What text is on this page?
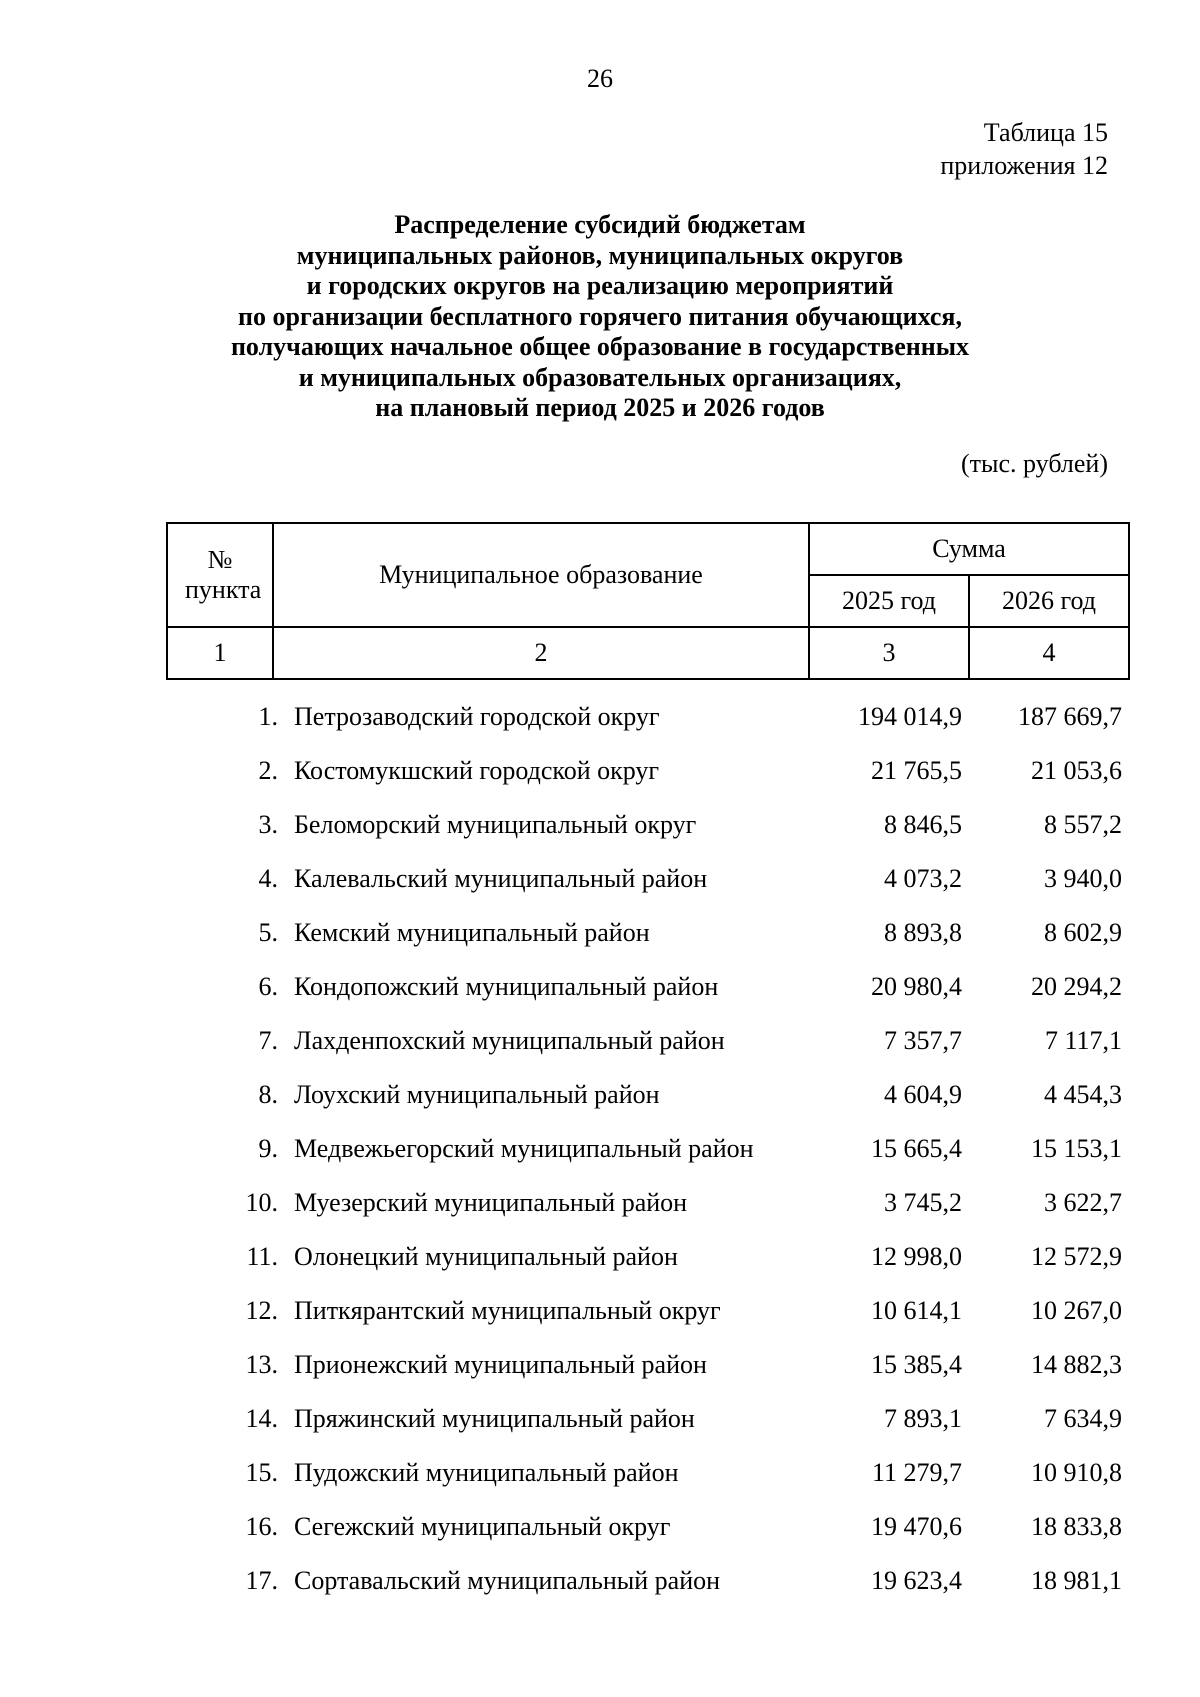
26
Таблица 15
приложения 12
Распределение субсидий бюджетам
муниципальных районов, муниципальных округов
и городских округов на реализацию мероприятий
по организации бесплатного горячего питания обучающихся,
получающих начальное общее образование в государственных
и муниципальных образовательных организациях,
на плановый период 2025 и 2026 годов
(тыс. рублей)
№ пункта	Муниципальное образование	Сумма	
		2025 год	2026 год
1	2	3	4
1. Петрозаводский городской округ	194 014,9	187 669,7
2. Костомукшский городской округ	21 765,5	21 053,6
3. Беломорский муниципальный округ	8 846,5	8 557,2
4. Калевальский муниципальный район	4 073,2	3 940,0
5. Кемский муниципальный район	8 893,8	8 602,9
6. Кондопожский муниципальный район	20 980,4	20 294,2
7. Лахденпохский муниципальный район	7 357,7	7 117,1
8. Лоухский муниципальный район	4 604,9	4 454,3
9. Медвежьегорский муниципальный район	15 665,4	15 153,1
10. Муезерский муниципальный район	3 745,2	3 622,7
11. Олонецкий муниципальный район	12 998,0	12 572,9
12. Питкярантский муниципальный округ	10 614,1	10 267,0
13. Прионежский муниципальный район	15 385,4	14 882,3
14. Пряжинский муниципальный район	7 893,1	7 634,9
15. Пудожский муниципальный район	11 279,7	10 910,8
16. Сегежский муниципальный округ	19 470,6	18 833,8
17. Сортавальский муниципальный район	19 623,4	18 981,1
